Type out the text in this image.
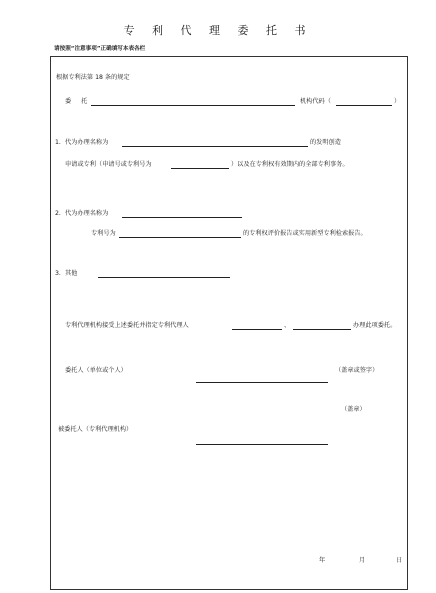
专 利 代 理 委 托 书
请按照“注意事项”正确填写本表各栏
根据专利法第 18 条的规定
委 托	机构代码（	）
1. 代为办理名称为	的发明创造
申请或专利（申请号或专利号为	）以及在专利权有效期内的全部专利事务。
2. 代为办理名称为
专利号为	的专利权评价报告或实用新型专利检索报告。
3. 其他
专利代理机构接受上述委托并指定专利代理人	、	办理此项委托。
委托人（单位或个人）	（盖章或签字）
（盖章）
被委托人（专利代理机构）
年	月	日
